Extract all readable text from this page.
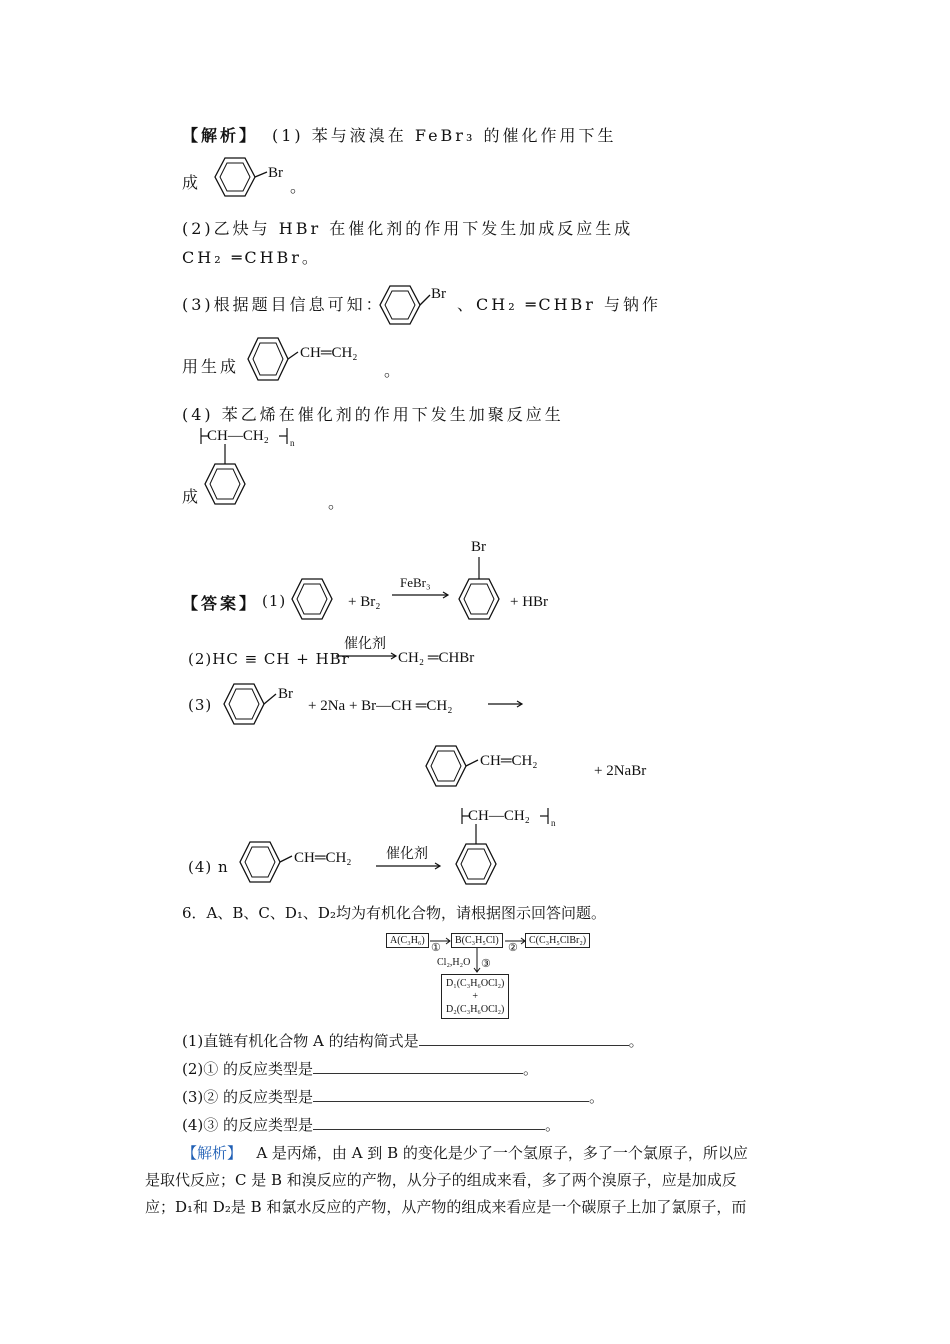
【解析】 (1) 苯与液溴在 FeBr₃ 的催化作用下生
成	Br
。
(2)乙炔与 HBr 在催化剂的作用下发生加成反应生成
CH₂ ═CHBr。
(3)根据题目信息可知：
Br
、CH₂ ═CHBr 与钠作
用生成
CH═CH₂
。
(4) 苯乙烯在催化剂的作用下发生加聚反应生
CH—CH₂ n
成	。
【答案】 (1)	+ Br₂
FeBr₃
Br
+ HBr
(2)HC ≡ CH + HBr
催化剂
CH₂ ═CHBr
(3)
Br
+ 2Na + Br—CH ═CH₂
CH═CH₂
+ 2NaBr
(4) n	CH═CH₂ 催化剂
CH—CH₂ n
6．A、B、C、D₁、D₂均为有机化合物，请根据图示回答问题。
A(C₃H₆)
①
B(C₃H₅Cl)
②
C(C₃H₅ClBr₂)
Cl₂,H₂O ③
D₁(C₃H₆OCl₂)
+
D₂(C₃H₆OCl₂)
(1)直链有机化合物 A 的结构简式是	。
(2)① 的反应类型是	。
(3)② 的反应类型是	。
(4)③ 的反应类型是	。
【解析】 A 是丙烯，由 A 到 B 的变化是少了一个氢原子，多了一个氯原子，所以应
是取代反应；C 是 B 和溴反应的产物，从分子的组成来看，多了两个溴原子，应是加成反
应；D₁和 D₂是 B 和氯水反应的产物，从产物的组成来看应是一个碳原子上加了氯原子，而
